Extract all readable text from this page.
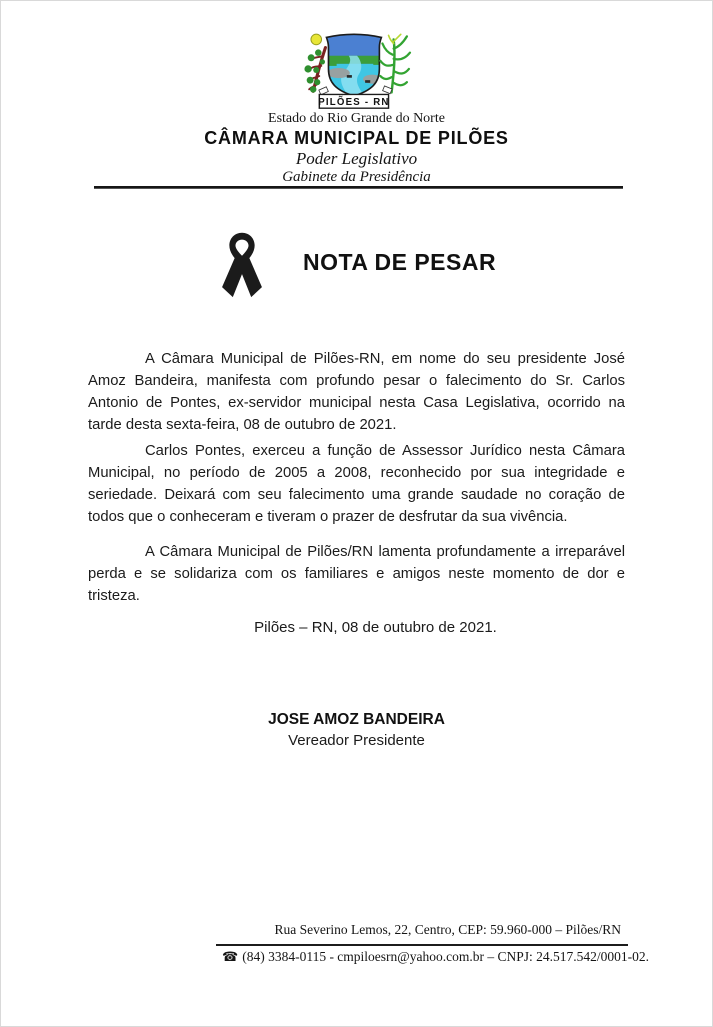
PILÕES - RN
Estado do Rio Grande do Norte
CÂMARA MUNICIPAL DE PILÕES
Poder Legislativo
Gabinete da Presidência
NOTA DE PESAR

A Câmara Municipal de Pilões-RN, em nome do seu presidente José Amoz Bandeira, manifesta com profundo pesar o falecimento do Sr. Carlos Antonio de Pontes, ex-servidor municipal nesta Casa Legislativa, ocorrido na tarde desta sexta-feira, 08 de outubro de 2021.

Carlos Pontes, exerceu a função de Assessor Jurídico nesta Câmara Municipal, no período de 2005 a 2008, reconhecido por sua integridade e seriedade. Deixará com seu falecimento uma grande saudade no coração de todos que o conheceram e tiveram o prazer de desfrutar da sua vivência.

A Câmara Municipal de Pilões/RN lamenta profundamente a irreparável perda e se solidariza com os familiares e amigos neste momento de dor e tristeza.

Pilões – RN, 08 de outubro de 2021.
JOSE AMOZ BANDEIRA
Vereador Presidente
Rua Severino Lemos, 22, Centro, CEP: 59.960-000 – Pilões/RN
☎ (84) 3384-0115 - cmpiloesrn@yahoo.com.br – CNPJ: 24.517.542/0001-02.
